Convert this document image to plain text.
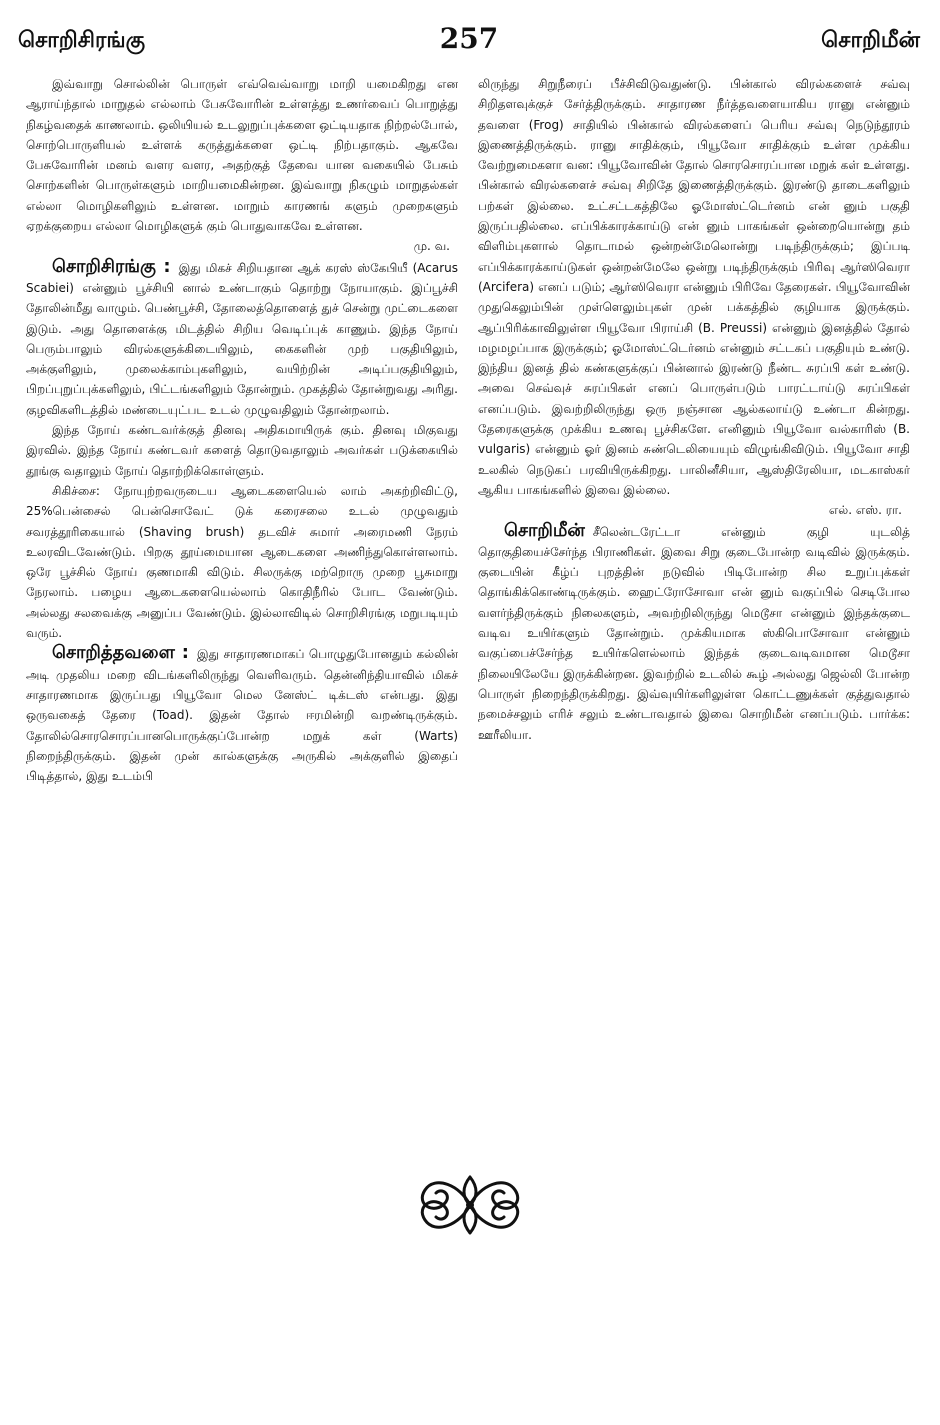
சொறிசிரங்கு	257	சொறிமீன்

இவ்வாறு சொல்லின் பொருள் எவ்வெவ்வாறு மாறி யமைகிறது என ஆராய்ந்தால் மாறுதல் எல்லாம் பேசுவோரின் உள்ளத்து உணர்வைப் பொறுத்து நிகழ்வதைக் காணலாம். ஒலியியல் உடலுறுப்புக்களை ஒட்டியதாக நிற்றல்போல், சொற்பொருளியல் உள்ளக் கருத்துக்களை ஒட்டி நிற்பதாகும். ஆகவே பேசுவோரின் மனம் வளர வளர, அதற்குத் தேவை யான வகையில் பேசும் சொற்களின் பொருள்களும் மாறியமைகின்றன. இவ்வாறு நிகழும் மாறுதல்கள் எல்லா மொழிகளிலும் உள்ளன. மாறும் காரணங் களும் முறைகளும் ஏறக்குறைய எல்லா மொழிகளுக் கும் பொதுவாகவே உள்ளன.

மு. வ.

சொறிசிரங்கு : இது மிகச் சிறியதான ஆக் கரஸ் ஸ்கேபியீ (Acarus Scabiei) என்னும் பூச்சியி னால் உண்டாகும் தொற்று நோயாகும். இப்பூச்சி தோலின்மீது வாழும். பெண்பூச்சி, தோலைத்தொளைத் துச் சென்று முட்டைகளை இடும். அது தொளைக்கு மிடத்தில் சிறிய வெடிப்புக் காணும். இந்த நோய் பெரும்பாலும் விரல்களுக்கிடையிலும், கைகளின் முற் பகுதியிலும், அக்குளிலும், முலைக்காம்புகளிலும், வயிற்றின் அடிப்பகுதியிலும், பிறப்புறுப்புக்களிலும், பிட்டங்களிலும் தோன்றும். முகத்தில் தோன்றுவது அரிது. குழவிகளிடத்தில் மண்டையுட்பட உடல் முழுவதிலும் தோன்றலாம்.

இந்த நோய் கண்டவர்க்குத் தினவு அதிகமாயிருக் கும். தினவு மிகுவது இரவில். இந்த நோய் கண்டவர் களைத் தொடுவதாலும் அவர்கள் படுக்கையில் தூங்கு வதாலும் நோய் தொற்றிக்கொள்ளும்.

சிகிச்சை: நோயுற்றவருடைய ஆடைகளையெல் லாம் அகற்றிவிட்டு, 25%பென்சைல் பென்சொவேட் டுக் கரைசலை உடல் முழுவதும் சவரத்தூரிகையால் (Shaving brush) தடவிச் சுமார் அரைமணி நேரம் உலரவிடவேண்டும். பிறகு தூய்மையான ஆடைகளை அணிந்துகொள்ளலாம். ஒரே பூச்சில் நோய் குணமாகி விடும். சிலருக்கு மற்றொரு முறை பூசுமாறு நேரலாம். பழைய ஆடைகளையெல்லாம் கொதிநீரில் போட வேண்டும். அல்லது சலவைக்கு அனுப்ப வேண்டும். இல்லாவிடில் சொறிசிரங்கு மறுபடியும் வரும்.

சொறித்தவளை : இது சாதாரணமாகப் பொழுதுபோனதும் கல்லின் அடி முதலிய மறை விடங்களிலிருந்து வெளிவரும். தென்னிந்தியாவில் மிகச் சாதாரணமாக இருப்பது பியூவோ மெல னேஸ்ட் டிக்டஸ் என்பது. இது ஒருவகைத் தேரை (Toad). இதன் தோல் ஈரமின்றி வறண்டிருக்கும். தோலில்சொரசொரப்பானபொருக்குப்போன்ற மறுக் கள் (Warts) நிறைந்திருக்கும். இதன் முன் கால்களுக்கு அருகில் அக்குளில் இதைப் பிடித்தால், இது உடம்பி

லிருந்து சிறுநீரைப் பீச்சிவிடுவதுண்டு. பின்கால் விரல்களைச் சவ்வு சிறிதளவுக்குச் சேர்த்திருக்கும். சாதாரண நீர்த்தவளையாகிய ரானு என்னும் தவளை (Frog) சாதியில் பின்கால் விரல்களைப் பெரிய சவ்வு நெடுந்தூரம் இணைத்திருக்கும். ரானு சாதிக்கும், பியூவோ சாதிக்கும் உள்ள முக்கிய வேற்றுமைகளா வன: பியூவோவின் தோல் சொரசொரப்பான மறுக் கள் உள்ளது. பின்கால் விரல்களைச் சவ்வு சிறிதே இணைத்திருக்கும். இரண்டு தாடைகளிலும் பற்கள் இல்லை. உட்சட்டகத்திலே ஓமோஸ்ட்டெர்னம் என் னும் பகுதி இருப்பதில்லை. எப்பிக்காரக்காய்டு என் னும் பாகங்கள் ஒன்றையொன்று தம் விளிம்புகளால் தொடாமல் ஒன்றன்மேலொன்று படிந்திருக்கும்; இப்படி எப்பிக்காரக்காய்டுகள் ஒன்றன்மேலே ஒன்று படிந்திருக்கும் பிரிவு ஆர்ஸிவெரா (Arcifera) எனப் படும்; ஆர்ஸிவெரா என்னும் பிரிவே தேரைகள். பியூவோவின் முதுகெலும்பின் முள்ளெலும்புகள் முன் பக்கத்தில் குழியாக இருக்கும். ஆப்பிரிக்காவிலுள்ள பியூவோ பிராய்சி (B. Preussi) என்னும் இனத்தில் தோல் மழமழப்பாக இருக்கும்; ஓமோஸ்ட்டெர்னம் என்னும் சட்டகப் பகுதியும் உண்டு. இந்திய இனத் தில் கண்களுக்குப் பின்னால் இரண்டு நீண்ட சுரப்பி கள் உண்டு. அவை செவ்வுச் சுரப்பிகள் எனப் பொருள்படும் பாரட்டாய்டு சுரப்பிகள் எனப்படும். இவற்றிலிருந்து ஒரு நஞ்சான ஆல்கலாய்டு உண்டா கின்றது. தேரைகளுக்கு முக்கிய உணவு பூச்சிகளே. எனினும் பியூவோ வல்காரிஸ் (B. vulgaris) என்னும் ஓர் இனம் சுண்டெலியையும் விழுங்கிவிடும். பியூவோ சாதி உலகில் நெடுகப் பரவியிருக்கிறது. பாலினீசியா, ஆஸ்திரேலியா, மடகாஸ்கர் ஆகிய பாகங்களில் இவை இல்லை.

எல். எஸ். ரா.

சொறிமீன் சீலென்டரேட்டா என்னும் குழி யுடலித் தொகுதியைச்சேர்ந்த பிராணிகள். இவை சிறு குடைபோன்ற வடிவில் இருக்கும். குடையின் கீழ்ப் புறத்தின் நடுவில் பிடிபோன்ற சில உறுப்புக்கள் தொங்கிக்கொண்டிருக்கும். ஹைட்ரோசோவா என் னும் வகுப்பில் செடிபோல வளர்ந்திருக்கும் நிலைகளும், அவற்றிலிருந்து மெடூசா என்னும் இந்தக்குடை வடிவ உயிர்களும் தோன்றும். முக்கியமாக ஸ்கிபொசோவா என்னும் வகுப்பைச்சேர்ந்த உயிர்களெல்லாம் இந்தக் குடைவடிவமான மெடூசா நிலையிலேயே இருக்கின்றன. இவற்றில் உடலில் கூழ் அல்லது ஜெல்லி போன்ற பொருள் நிறைந்திருக்கிறது. இவ்வுயிர்களிலுள்ள கொட்டணுக்கள் குத்துவதால் நமைச்சலும் எரிச் சலும் உண்டாவதால் இவை சொறிமீன் எனப்படும். பார்க்க: ஊரீலியா.
